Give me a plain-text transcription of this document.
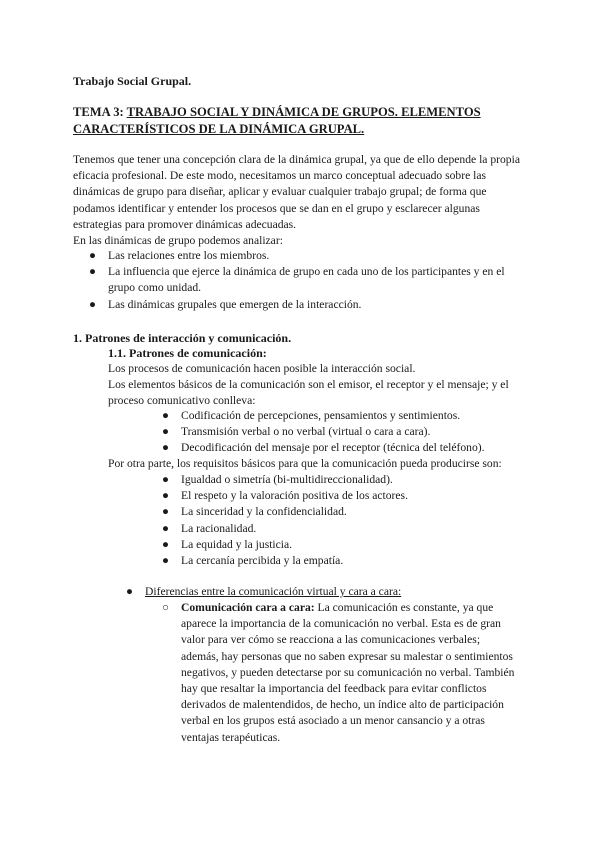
Trabajo Social Grupal.
TEMA 3: TRABAJO SOCIAL Y DINÁMICA DE GRUPOS. ELEMENTOS CARACTERÍSTICOS DE LA DINÁMICA GRUPAL.

Tenemos que tener una concepción clara de la dinámica grupal, ya que de ello depende la propia eficacia profesional. De este modo, necesitamos un marco conceptual adecuado sobre las dinámicas de grupo para diseñar, aplicar y evaluar cualquier trabajo grupal; de forma que podamos identificar y entender los procesos que se dan en el grupo y esclarecer algunas estrategias para promover dinámicas adecuadas.

En las dinámicas de grupo podemos analizar:

● Las relaciones entre los miembros.
● La influencia que ejerce la dinámica de grupo en cada uno de los participantes y en el grupo como unidad.
● Las dinámicas grupales que emergen de la interacción.
1. Patrones de interacción y comunicación.
1.1. Patrones de comunicación:

Los procesos de comunicación hacen posible la interacción social.

Los elementos básicos de la comunicación son el emisor, el receptor y el mensaje; y el proceso comunicativo conlleva:

● Codificación de percepciones, pensamientos y sentimientos.
● Transmisión verbal o no verbal (virtual o cara a cara).
● Decodificación del mensaje por el receptor (técnica del teléfono).
Por otra parte, los requisitos básicos para que la comunicación pueda producirse son:
● Igualdad o simetría (bi-multidireccionalidad).
● El respeto y la valoración positiva de los actores.
● La sinceridad y la confidencialidad.
● La racionalidad.
● La equidad y la justicia.
● La cercanía percibida y la empatía.
● Diferencias entre la comunicación virtual y cara a cara:
○ Comunicación cara a cara: La comunicación es constante, ya que aparece la importancia de la comunicación no verbal. Esta es de gran valor para ver cómo se reacciona a las comunicaciones verbales; además, hay personas que no saben expresar su malestar o sentimientos negativos, y pueden detectarse por su comunicación no verbal. También hay que resaltar la importancia del feedback para evitar conflictos derivados de malentendidos, de hecho, un índice alto de participación verbal en los grupos está asociado a un menor cansancio y a otras ventajas terapéuticas.
